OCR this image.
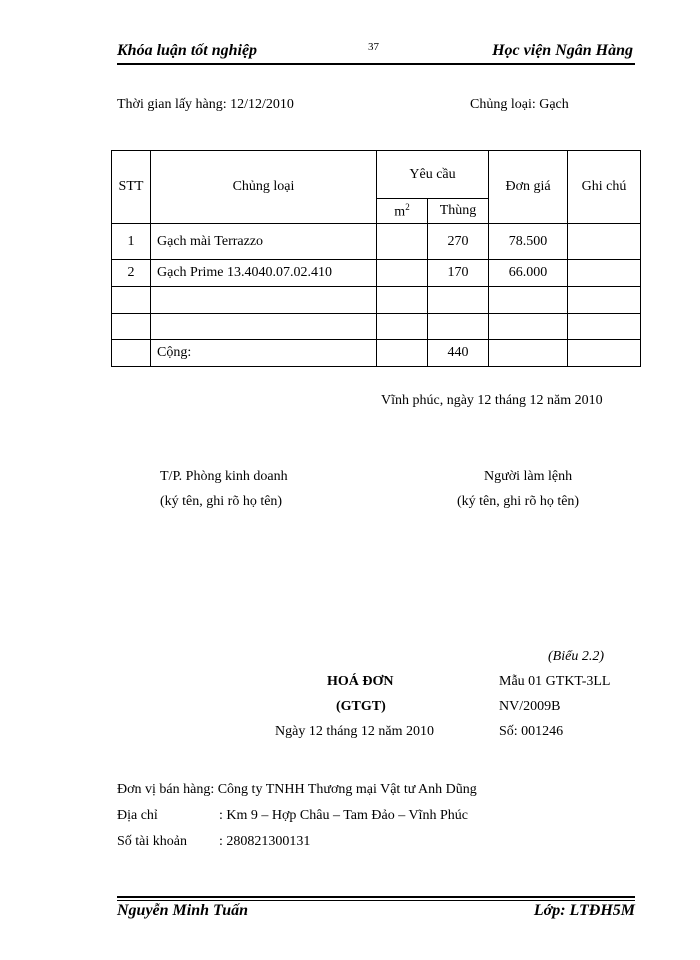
Khóa luận tốt nghiệp	37	Học viện Ngân Hàng
Thời gian lấy hàng: 12/12/2010	Chủng loại: Gạch
STT	Chủng loại	Yêu cầu		Đơn giá	Ghi chú
		$m^2$	Thùng		
1	Gạch mài Terrazzo		270	78.500	
2	Gạch Prime 13.4040.07.02.410		170	66.000	

	Cộng:		440		
Vĩnh phúc, ngày 12 tháng 12 năm 2010
T/P. Phòng kinh doanh
(ký tên, ghi rõ họ tên)
Người làm lệnh
(ký tên, ghi rõ họ tên)
(Biểu 2.2)
HOÁ ĐƠN
(GTGT)
Ngày 12 tháng 12 năm 2010
Mẫu 01 GTKT-3LL
NV/2009B
Số: 001246
Đơn vị bán hàng: Công ty TNHH Thương mại Vật tư Anh Dũng
Địa chỉ	: Km 9 – Hợp Châu – Tam Đảo – Vĩnh Phúc
Số tài khoản : 280821300131
Nguyễn Minh Tuấn	Lớp: LTĐH5M
